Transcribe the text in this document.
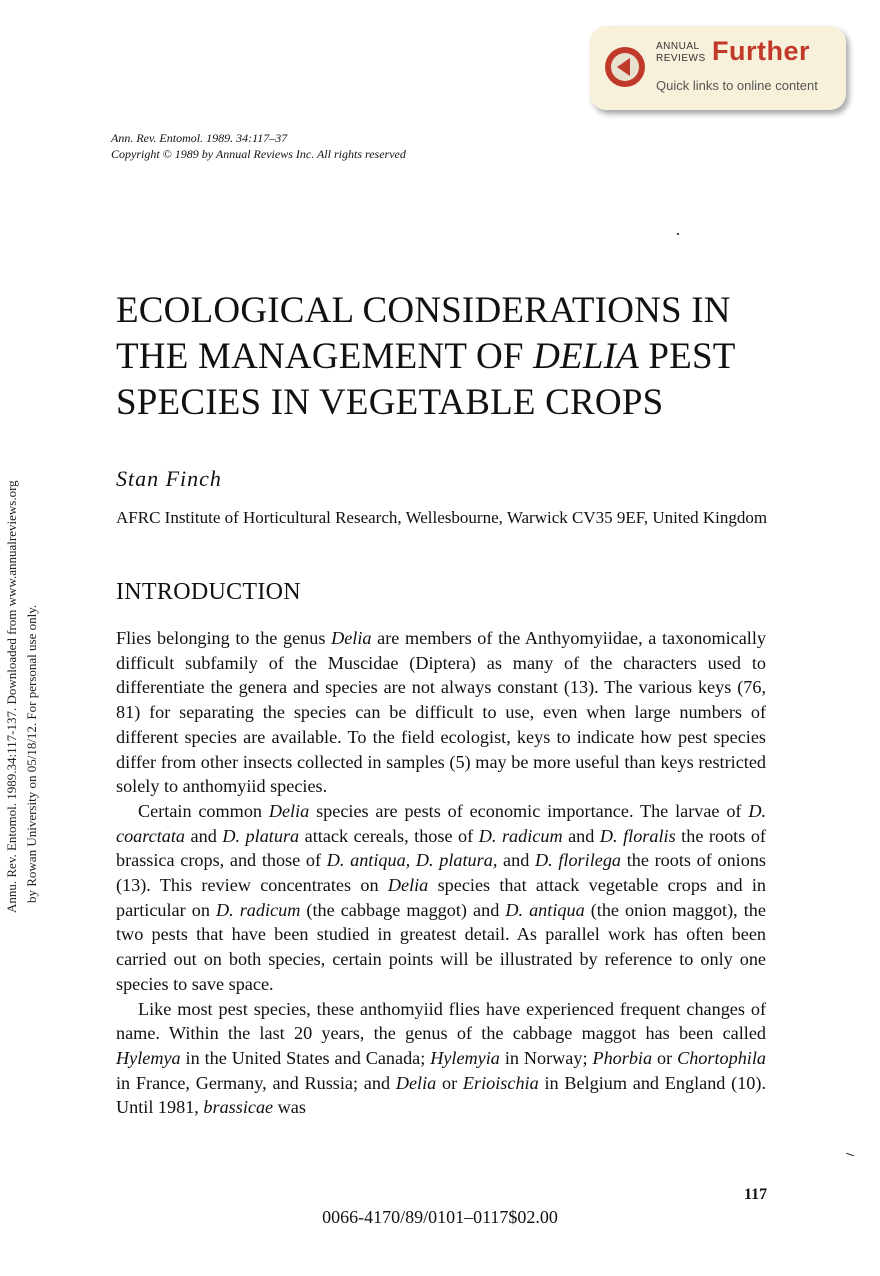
ANNUAL
REVIEWS Further
Quick links to online content
Ann. Rev. Entomol. 1989. 34:117–37
Copyright © 1989 by Annual Reviews Inc. All rights reserved
ECOLOGICAL CONSIDERATIONS IN THE MANAGEMENT OF DELIA PEST SPECIES IN VEGETABLE CROPS
Stan Finch
AFRC Institute of Horticultural Research, Wellesbourne, Warwick CV35 9EF, United Kingdom
INTRODUCTION

Flies belonging to the genus Delia are members of the Anthyomyiidae, a taxonomically difficult subfamily of the Muscidae (Diptera) as many of the characters used to differentiate the genera and species are not always constant (13). The various keys (76, 81) for separating the species can be difficult to use, even when large numbers of different species are available. To the field ecologist, keys to indicate how pest species differ from other insects collected in samples (5) may be more useful than keys restricted solely to anthomyiid species.

Certain common Delia species are pests of economic importance. The larvae of D. coarctata and D. platura attack cereals, those of D. radicum and D. floralis the roots of brassica crops, and those of D. antiqua, D. platura, and D. florilega the roots of onions (13). This review concentrates on Delia species that attack vegetable crops and in particular on D. radicum (the cabbage maggot) and D. antiqua (the onion maggot), the two pests that have been studied in greatest detail. As parallel work has often been carried out on both species, certain points will be illustrated by reference to only one species to save space.

Like most pest species, these anthomyiid flies have experienced frequent changes of name. Within the last 20 years, the genus of the cabbage maggot has been called Hylemya in the United States and Canada; Hylemyia in Norway; Phorbia or Chortophila in France, Germany, and Russia; and Delia or Erioischia in Belgium and England (10). Until 1981, brassicae was

Annu. Rev. Entomol. 1989.34:117-137. Downloaded from www.annualreviews.org by Rowan University on 05/18/12. For personal use only.
117
0066-4170/89/0101–0117$02.00
